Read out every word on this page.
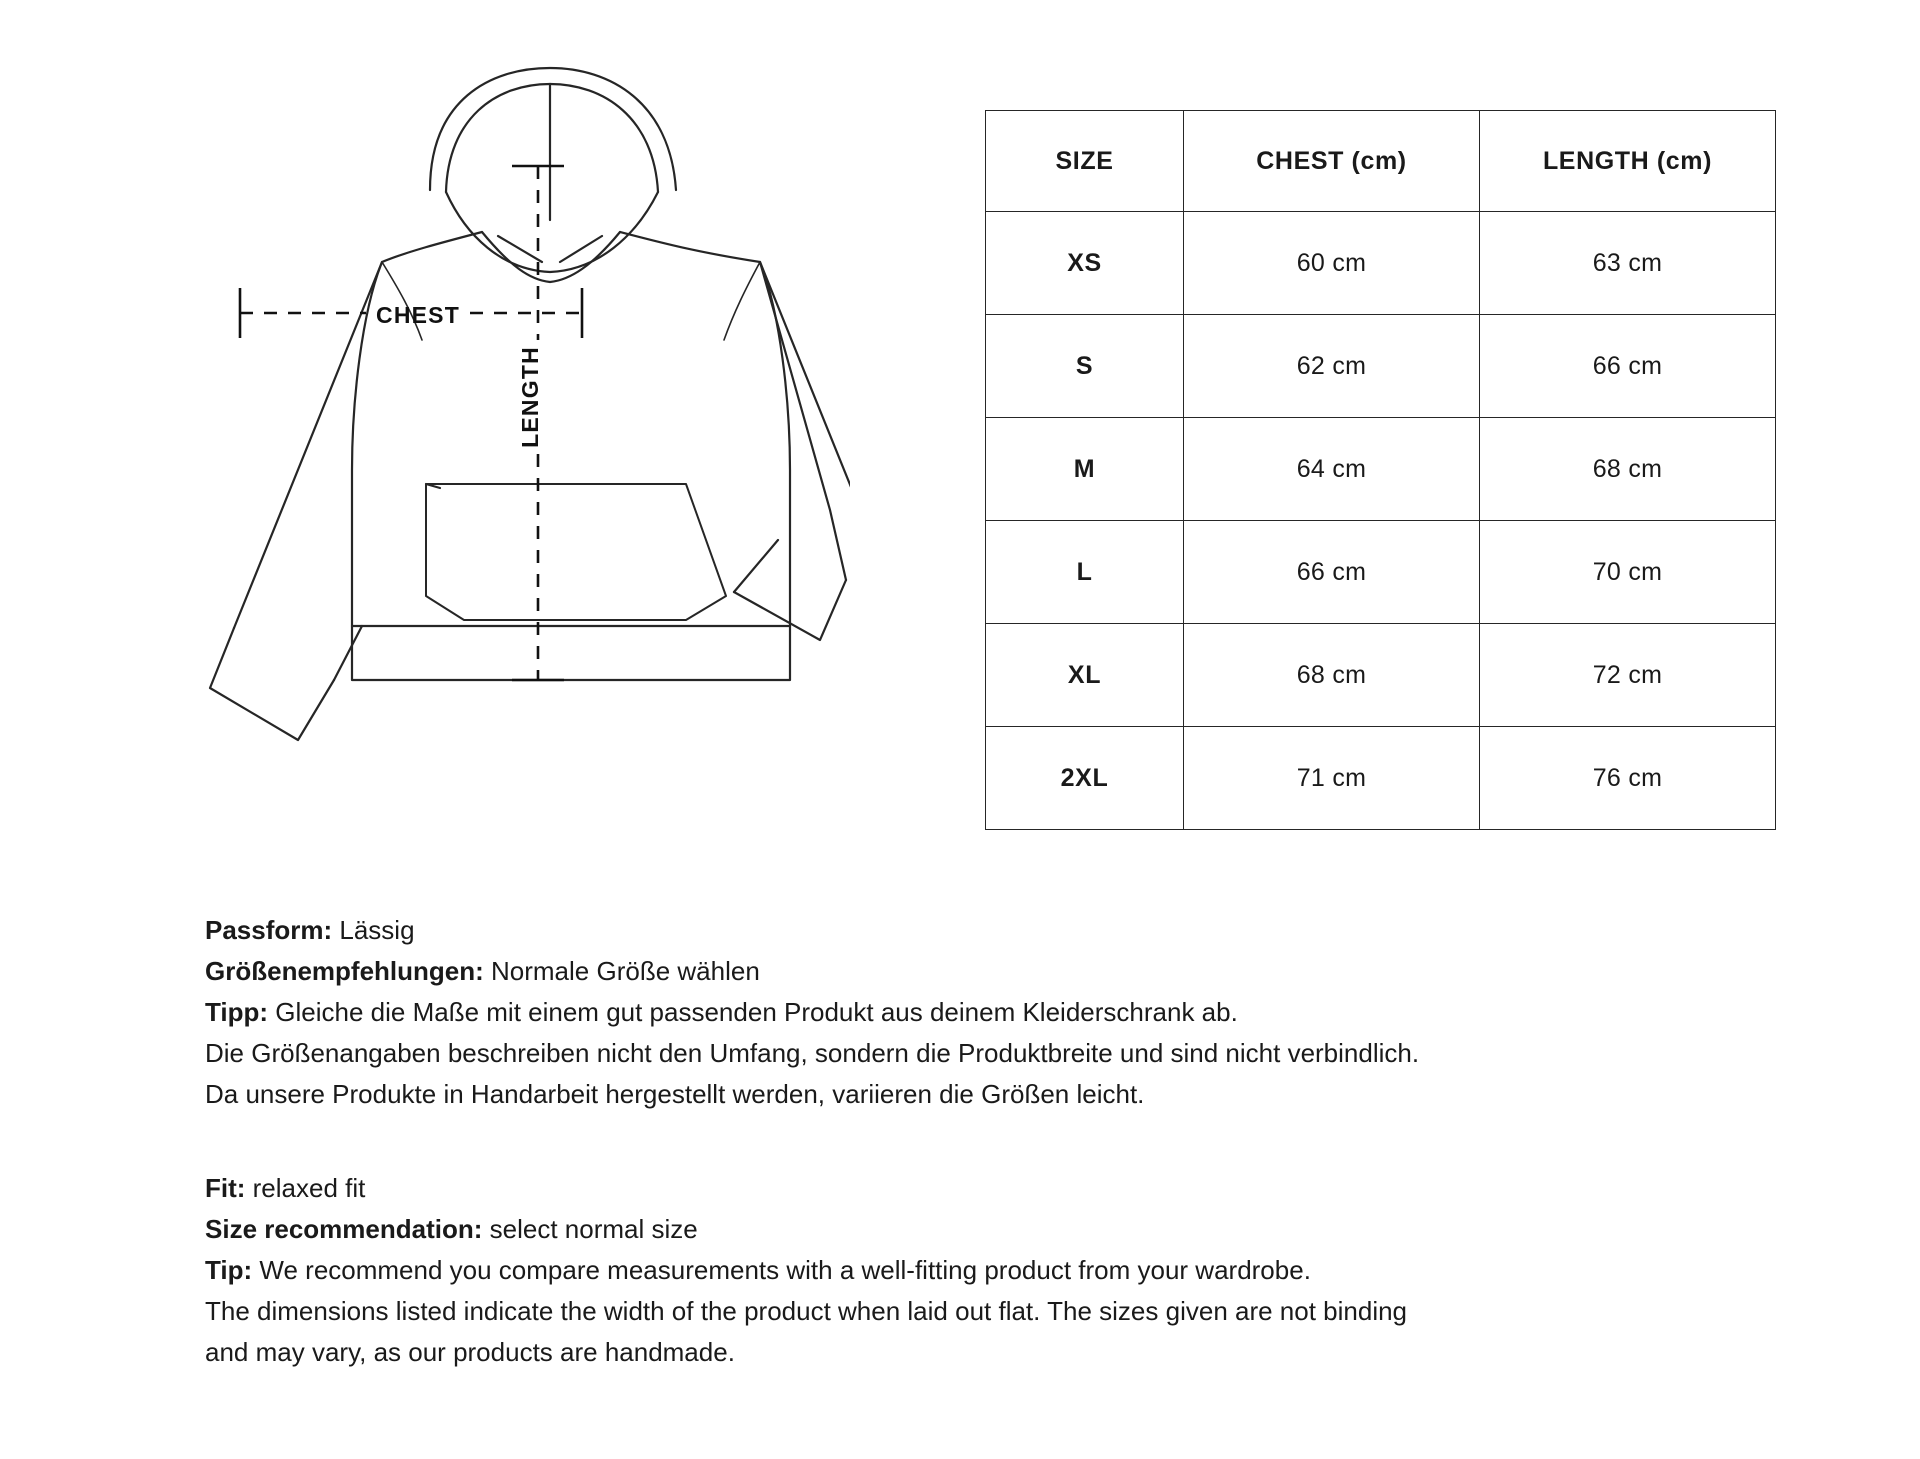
CHEST
LENGTH
SIZE	CHEST (cm)	LENGTH (cm)
XS	60 cm	63 cm
S	62 cm	66 cm
M	64 cm	68 cm
L	66 cm	70 cm
XL	68 cm	72 cm
2XL	71 cm	76 cm
Passform: Lässig
Größenempfehlungen: Normale Größe wählen
Tipp: Gleiche die Maße mit einem gut passenden Produkt aus deinem Kleiderschrank ab.
Die Größenangaben beschreiben nicht den Umfang, sondern die Produktbreite und sind nicht verbindlich.
Da unsere Produkte in Handarbeit hergestellt werden, variieren die Größen leicht.
Fit: relaxed fit
Size recommendation: select normal size
Tip: We recommend you compare measurements with a well-fitting product from your wardrobe.
The dimensions listed indicate the width of the product when laid out flat. The sizes given are not binding
and may vary, as our products are handmade.
